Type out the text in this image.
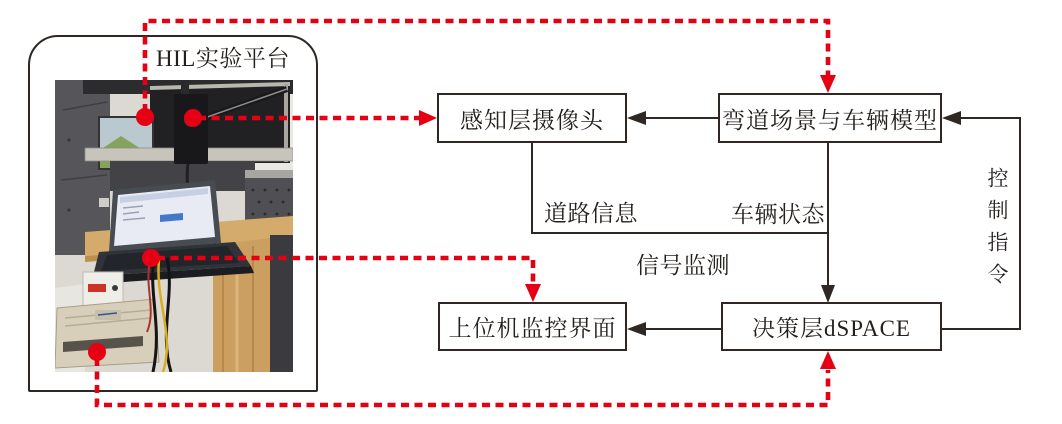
HIL实验平台
感知层摄像头	弯道场景与车辆模型
上位机监控界面	决策层dSPACE
道路信息	车辆状态
信号监测	控制指令
